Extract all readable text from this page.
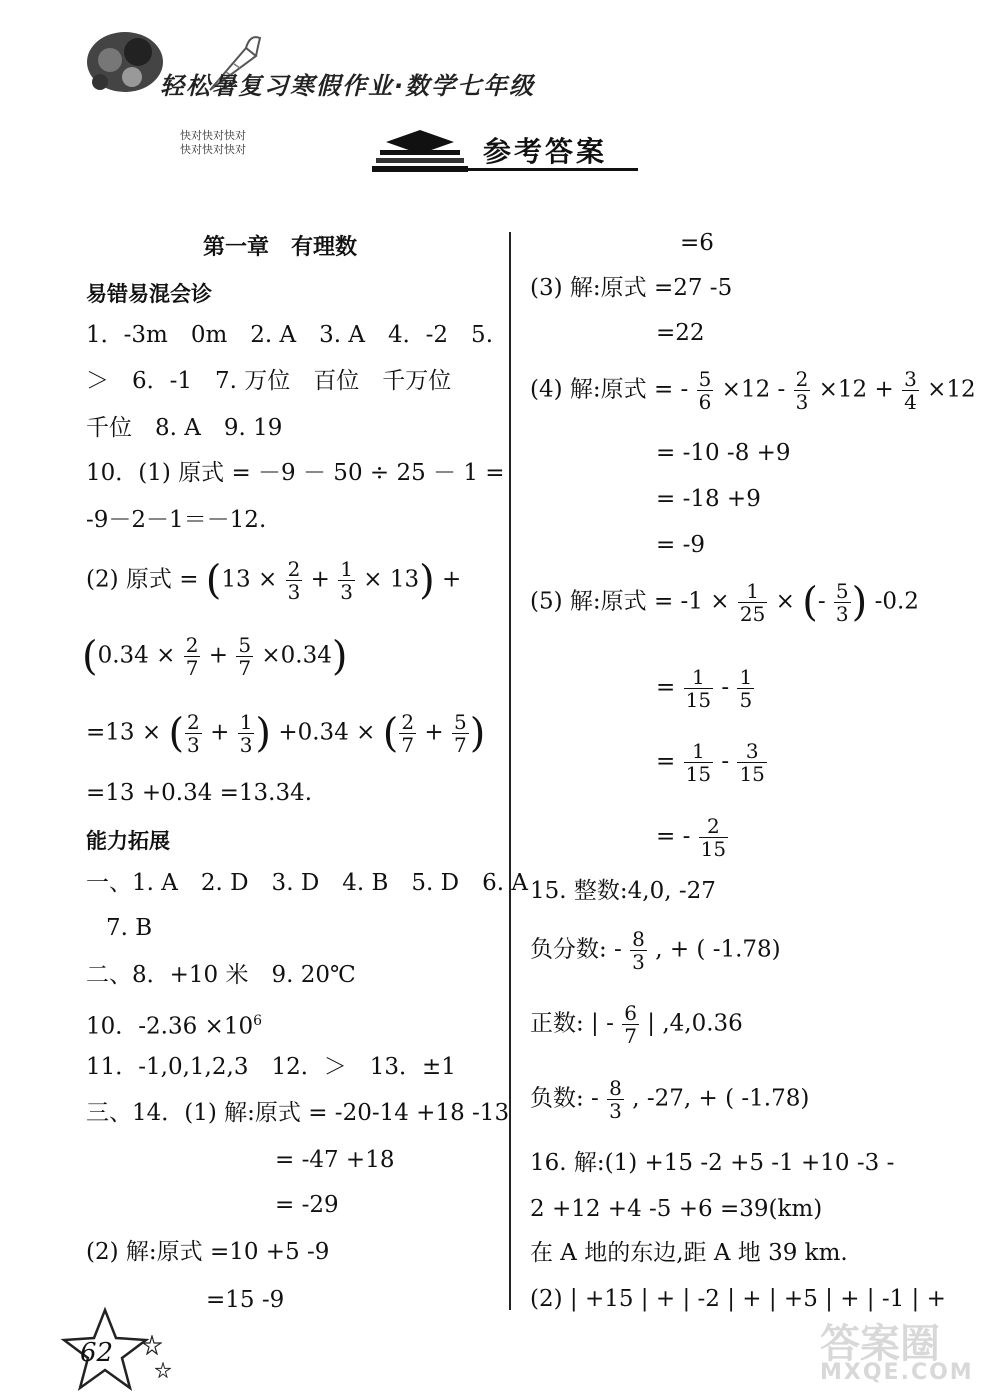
轻松暑复习寒假作业·数学七年级
快对快对快对
快对快对快对	参考答案
第一章　有理数
易错易混会诊
1．-3m　0m　2. A　3. A　4．-2　5.
＞　6．-1　7. 万位　百位　千万位
千位　8. A　9. 19
10．(1) 原式 = －9 － 50 ÷ 25 － 1 =
-9－2－1＝－12.
(2) 原式 = $(13 \times \frac{2}{3} + \frac{1}{3} \times 13)$ +
$(0.34 \times \frac{2}{7} + \frac{5}{7} \times 0.34)$
=13 × ( $\frac{2}{3} + \frac{1}{3}$ ) +0.34 × ( $\frac{2}{7} + \frac{5}{7}$ )
=13 +0.34 =13.34.
能力拓展
一、1. A　2. D　3. D　4. B　5. D　6. A
7. B
二、8．+10 米　9. 20℃
10．$-2.36 \times 10^6$
11．-1,0,1,2,3　12．＞　13．±1
三、14．(1) 解:原式 = -20-14 +18 -13
= -47 +18
= -29
(2) 解:原式 =10 +5 -9
=15 -9
=6
(3) 解:原式 =27 -5
=22
(4) 解:原式 = - $\frac{5}{6} \times 12 - \frac{2}{3} \times 12 + \frac{3}{4} \times 12$
= -10 -8 +9
= -18 +9
= -9
(5) 解:原式 = $-1 \times \frac{1}{25}$ × (- $\frac{5}{3}$ ) -0.2
= $\frac{1}{15} - \frac{1}{5}$
= $\frac{1}{15} - \frac{3}{15}$
= - $\frac{2}{15}$
15. 整数:4,0, -27
负分数: - $\frac{8}{3}$ , + ( -1.78)
正数: | - $\frac{6}{7}$ | ,4,0.36
负数: - $\frac{8}{3}$ , -27, + ( -1.78)
16. 解:(1) +15 -2 +5 -1 +10 -3 -
2 +12 +4 -5 +6 =39(km)
在 A 地的东边,距 A 地 39 km.
(2) | +15 | + | -2 | + | +5 | + | -1 | +
62	答案圈
MXQE.COM
